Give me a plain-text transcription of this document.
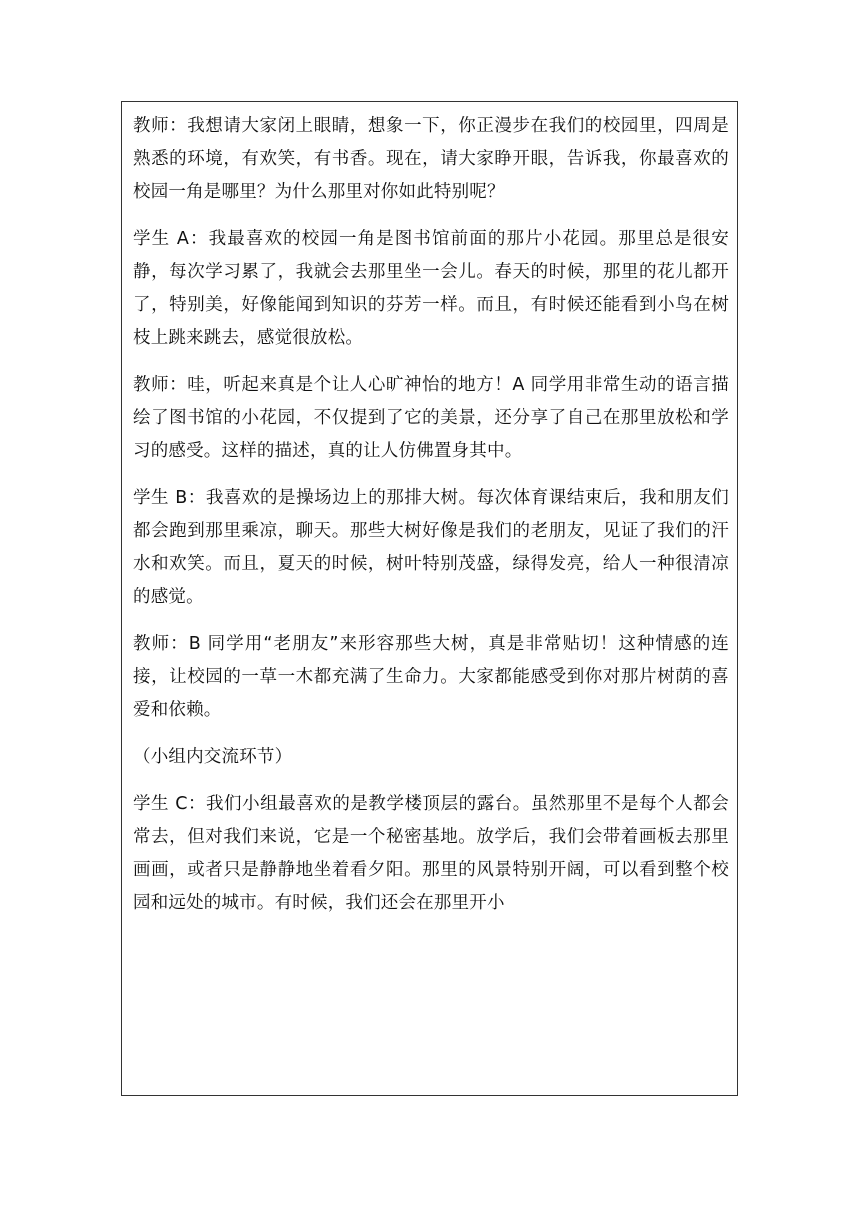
教师：我想请大家闭上眼睛，想象一下，你正漫步在我们的校园里，四周是熟悉的环境，有欢笑，有书香。现在，请大家睁开眼，告诉我，你最喜欢的校园一角是哪里？为什么那里对你如此特别呢？

学生 A：我最喜欢的校园一角是图书馆前面的那片小花园。那里总是很安静，每次学习累了，我就会去那里坐一会儿。春天的时候，那里的花儿都开了，特别美，好像能闻到知识的芬芳一样。而且，有时候还能看到小鸟在树枝上跳来跳去，感觉很放松。

教师：哇，听起来真是个让人心旷神怡的地方！A 同学用非常生动的语言描绘了图书馆的小花园，不仅提到了它的美景，还分享了自己在那里放松和学习的感受。这样的描述，真的让人仿佛置身其中。

学生 B：我喜欢的是操场边上的那排大树。每次体育课结束后，我和朋友们都会跑到那里乘凉，聊天。那些大树好像是我们的老朋友，见证了我们的汗水和欢笑。而且，夏天的时候，树叶特别茂盛，绿得发亮，给人一种很清凉的感觉。

教师：B 同学用“老朋友”来形容那些大树，真是非常贴切！这种情感的连接，让校园的一草一木都充满了生命力。大家都能感受到你对那片树荫的喜爱和依赖。

（小组内交流环节）

学生 C：我们小组最喜欢的是教学楼顶层的露台。虽然那里不是每个人都会常去，但对我们来说，它是一个秘密基地。放学后，我们会带着画板去那里画画，或者只是静静地坐着看夕阳。那里的风景特别开阔，可以看到整个校园和远处的城市。有时候，我们还会在那里开小
